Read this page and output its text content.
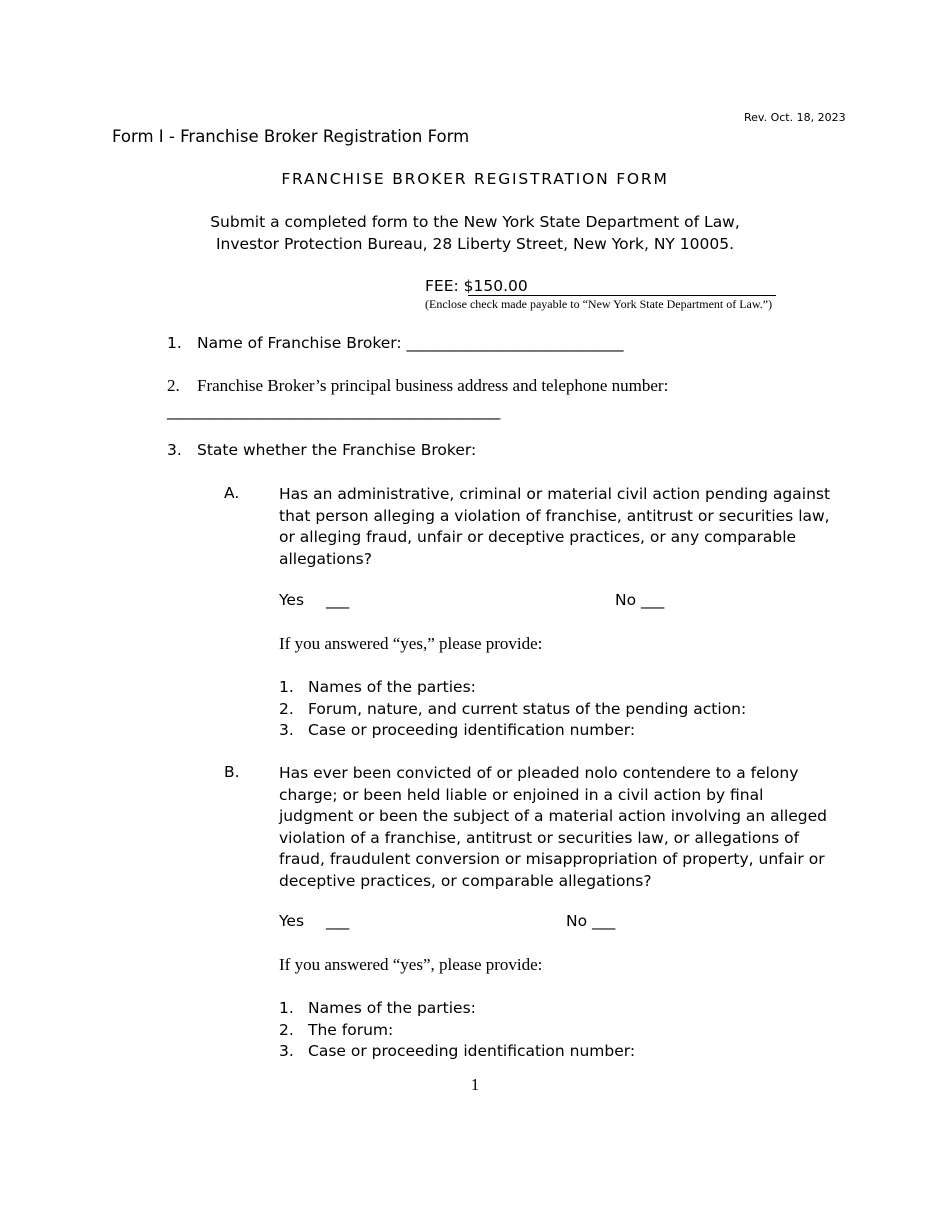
Rev. Oct. 18, 2023
Form I - Franchise Broker Registration Form
FRANCHISE BROKER REGISTRATION FORM
Submit a completed form to the New York State Department of Law,
Investor Protection Bureau, 28 Liberty Street, New York, NY 10005.
FEE: $150.00
(Enclose check made payable to “New York State Department of Law.”)
1. Name of Franchise Broker: ____________________________
2. Franchise Broker’s principal business address and telephone number:
___________________________________________
3. State whether the Franchise Broker:
A.	Has an administrative, criminal or material civil action pending against that person alleging a violation of franchise, antitrust or securities law, or alleging fraud, unfair or deceptive practices, or any comparable allegations?
Yes ___	No ___
If you answered “yes,” please provide:
1. Names of the parties:
2. Forum, nature, and current status of the pending action:
3. Case or proceeding identification number:
B.	Has ever been convicted of or pleaded nolo contendere to a felony charge; or been held liable or enjoined in a civil action by final judgment or been the subject of a material action involving an alleged violation of a franchise, antitrust or securities law, or allegations of fraud, fraudulent conversion or misappropriation of property, unfair or deceptive practices, or comparable allegations?
Yes ___	No ___
If you answered “yes”, please provide:
1. Names of the parties:
2. The forum:
3. Case or proceeding identification number:
1
